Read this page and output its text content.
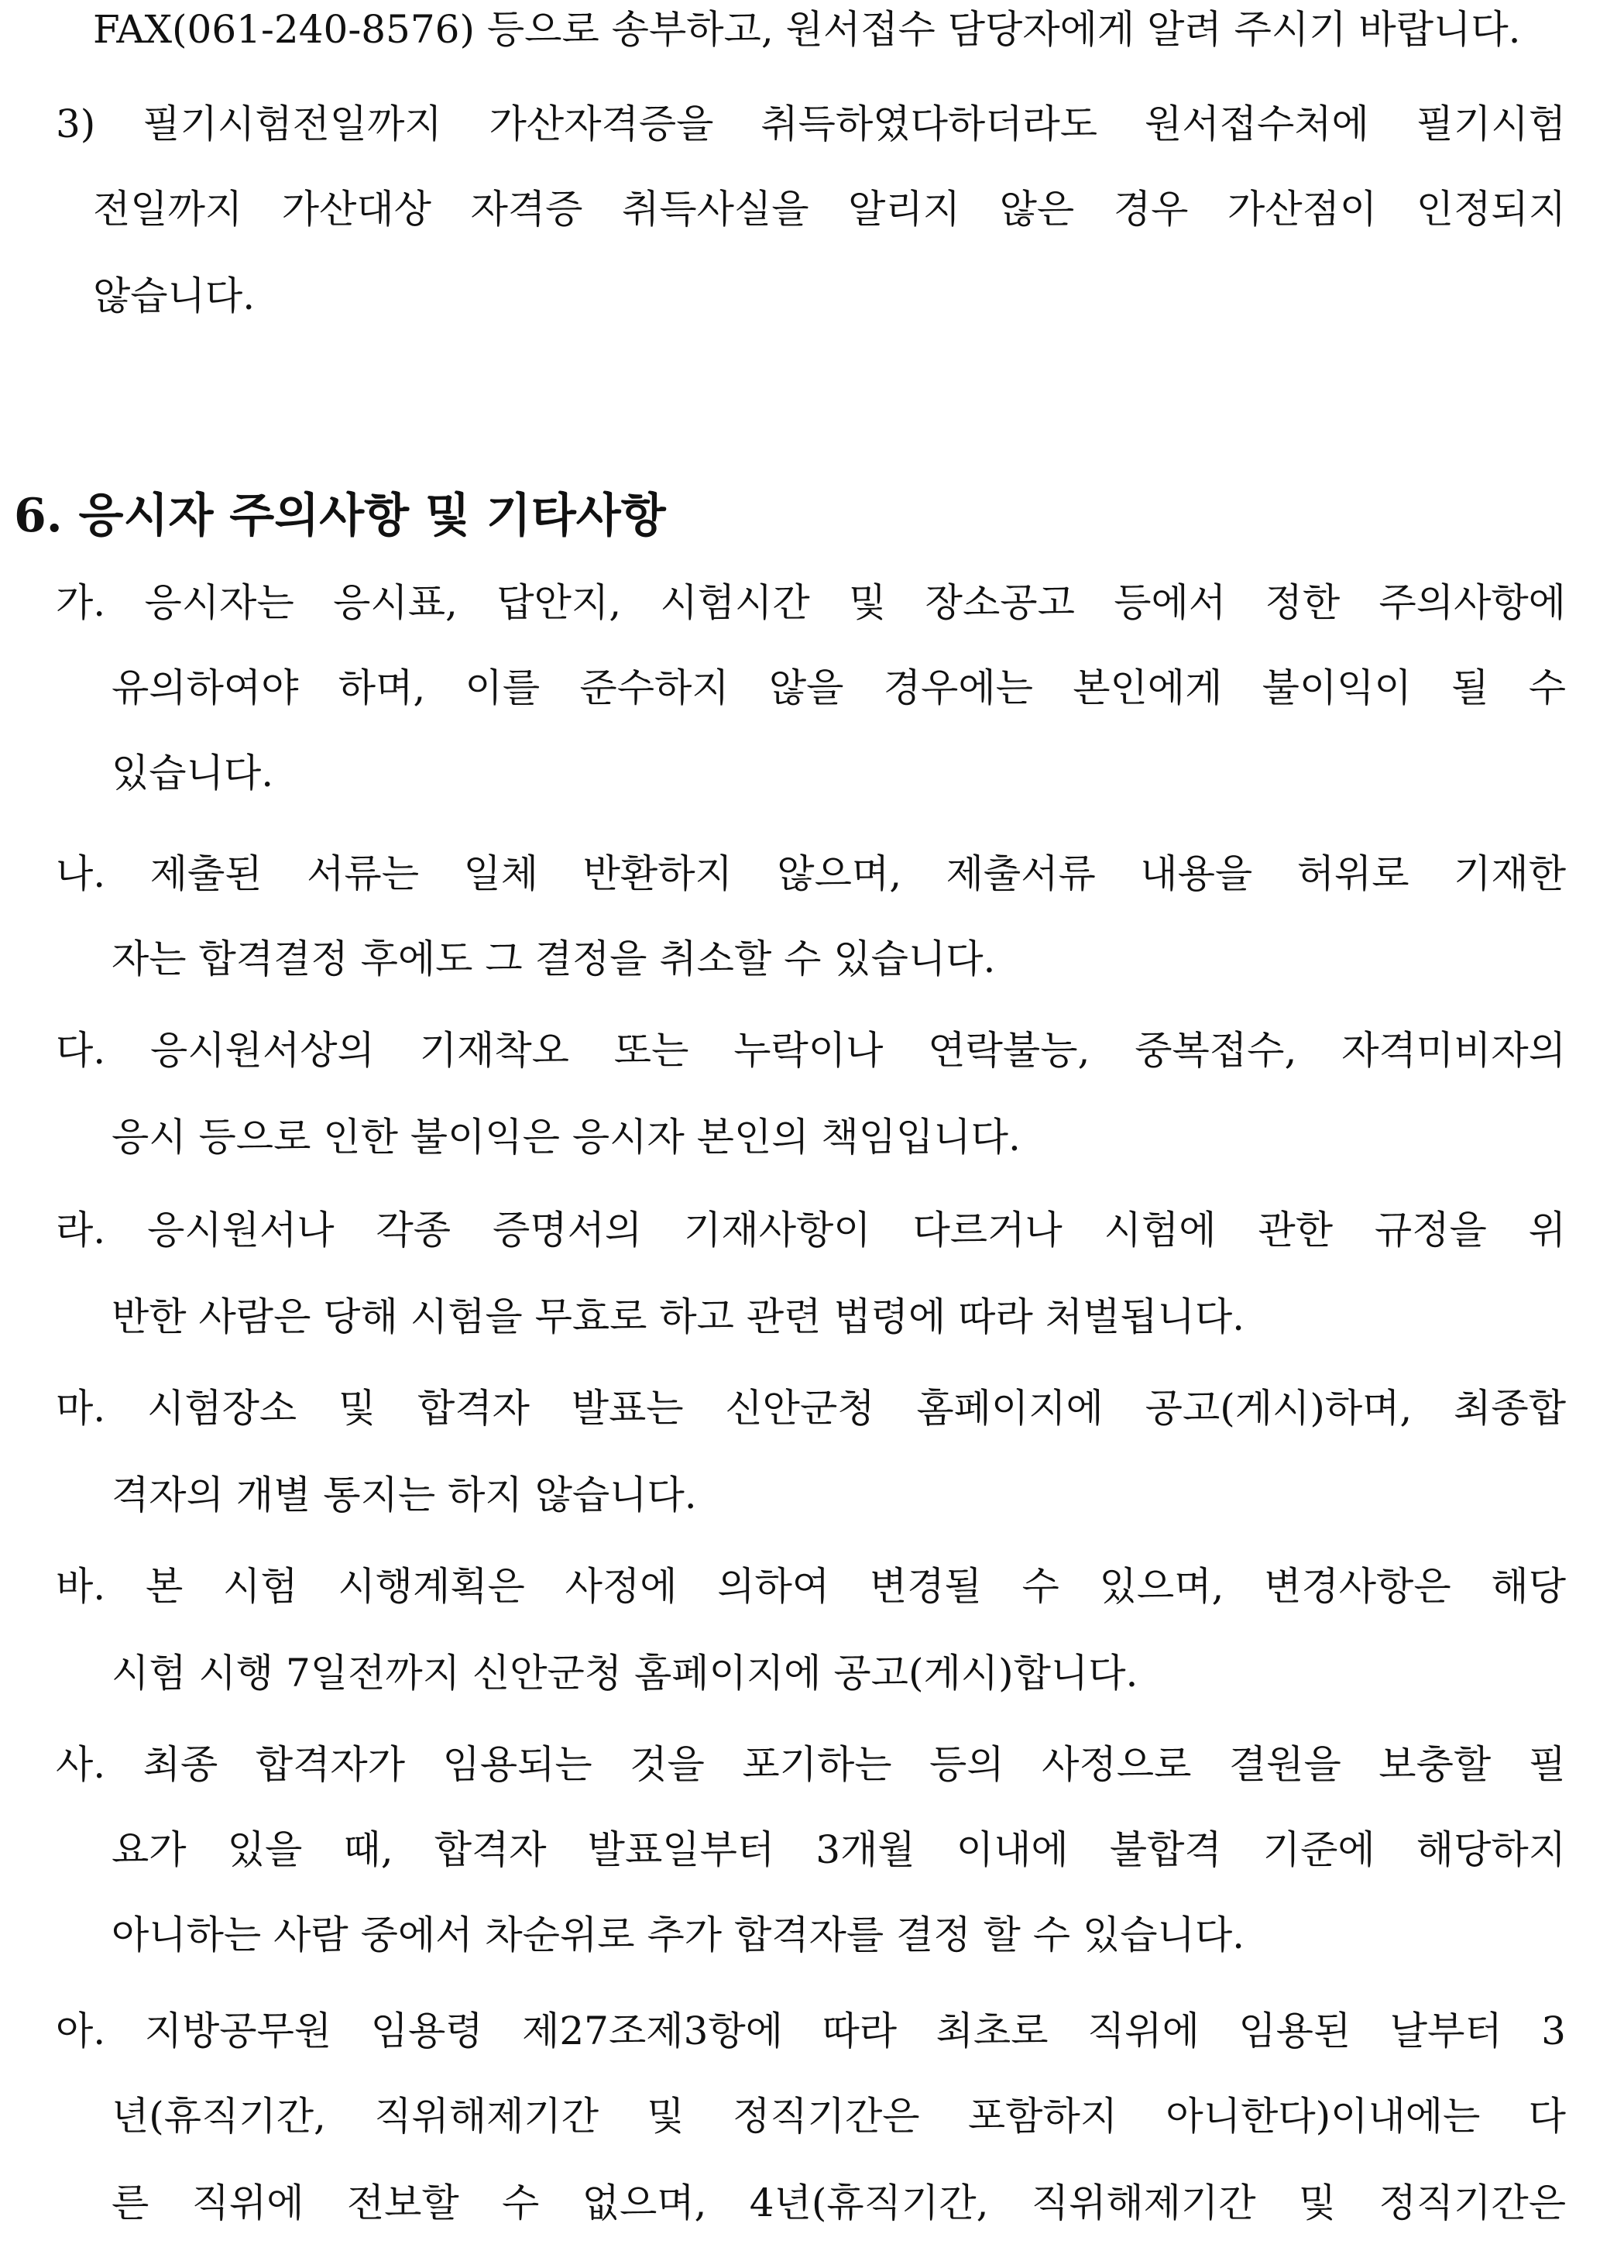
FAX(061-240-8576) 등으로 송부하고, 원서접수 담당자에게 알려 주시기 바랍니다.
3) 필기시험전일까지 가산자격증을 취득하였다하더라도 원서접수처에 필기시험
전일까지 가산대상 자격증 취득사실을 알리지 않은 경우 가산점이 인정되지
않습니다.
6. 응시자 주의사항 및 기타사항
가. 응시자는 응시표, 답안지, 시험시간 및 장소공고 등에서 정한 주의사항에
유의하여야 하며, 이를 준수하지 않을 경우에는 본인에게 불이익이 될 수
있습니다.
나. 제출된 서류는 일체 반환하지 않으며, 제출서류 내용을 허위로 기재한
자는 합격결정 후에도 그 결정을 취소할 수 있습니다.
다. 응시원서상의 기재착오 또는 누락이나 연락불능, 중복접수, 자격미비자의
응시 등으로 인한 불이익은 응시자 본인의 책임입니다.
라. 응시원서나 각종 증명서의 기재사항이 다르거나 시험에 관한 규정을 위
반한 사람은 당해 시험을 무효로 하고 관련 법령에 따라 처벌됩니다.
마. 시험장소 및 합격자 발표는 신안군청 홈페이지에 공고(게시)하며, 최종합
격자의 개별 통지는 하지 않습니다.
바. 본 시험 시행계획은 사정에 의하여 변경될 수 있으며, 변경사항은 해당
시험 시행 7일전까지 신안군청 홈페이지에 공고(게시)합니다.
사. 최종 합격자가 임용되는 것을 포기하는 등의 사정으로 결원을 보충할 필
요가 있을 때, 합격자 발표일부터 3개월 이내에 불합격 기준에 해당하지
아니하는 사람 중에서 차순위로 추가 합격자를 결정 할 수 있습니다.
아. 지방공무원 임용령 제27조제3항에 따라 최초로 직위에 임용된 날부터 3
년(휴직기간, 직위해제기간 및 정직기간은 포함하지 아니한다)이내에는 다
른 직위에 전보할 수 없으며, 4년(휴직기간, 직위해제기간 및 정직기간은
